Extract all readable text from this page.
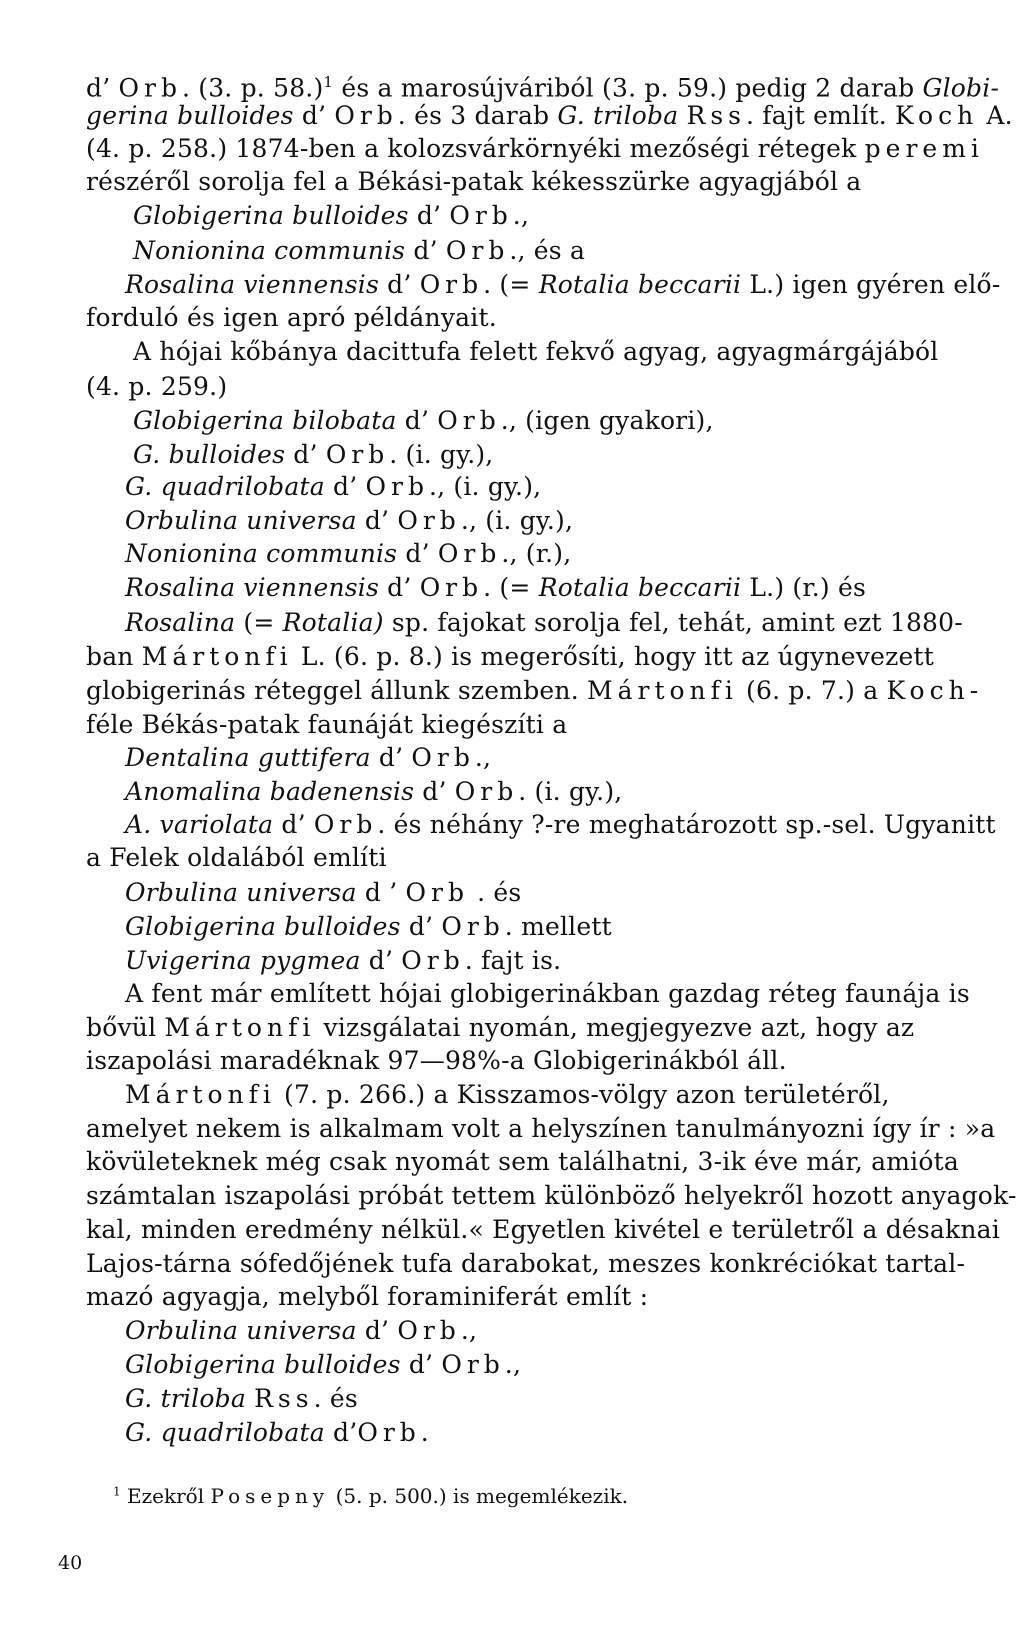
d’ Orb. (3. p. 58.)$^1$ és a marosújváriból (3. p. 59.) pedig 2 darab Globi-
gerina bulloides d’ Orb. és 3 darab G. triloba Rss. fajt említ. Koch A.
(4. p. 258.) 1874-ben a kolozsvárkörnyéki mezőségi rétegek peremi
részéről sorolja fel a Békási-patak kékesszürke agyagjából a
Globigerina bulloides d’ Orb.,
Nonionina communis d’ Orb., és a
Rosalina viennensis d’ Orb. (= Rotalia beccarii L.) igen gyéren elő-
forduló és igen apró példányait.
A hójai kőbánya dacittufa felett fekvő agyag, agyagmárgájából
(4. p. 259.)
Globigerina bilobata d’ Orb., (igen gyakori),
G. bulloides d’ Orb. (i. gy.),
G. quadrilobata d’ Orb., (i. gy.),
Orbulina universa d’ Orb., (i. gy.),
Nonionina communis d’ Orb., (r.),
Rosalina viennensis d’ Orb. (= Rotalia beccarii L.) (r.) és
Rosalina (= Rotalia) sp. fajokat sorolja fel, tehát, amint ezt 1880-
ban Mártonfi L. (6. p. 8.) is megerősíti, hogy itt az úgynevezett
globigerinás réteggel állunk szemben. Mártonfi (6. p. 7.) a Koch-
féle Békás-patak faunáját kiegészíti a
Dentalina guttifera d’ Orb.,
Anomalina badenensis d’ Orb. (i. gy.),
A. variolata d’ Orb. és néhány ?-re meghatározott sp.-sel. Ugyanitt
a Felek oldalából említi
Orbulina universa d ’ Orb . és
Globigerina bulloides d’ Orb. mellett
Uvigerina pygmea d’ Orb. fajt is.
A fent már említett hójai globigerinákban gazdag réteg faunája is
bővül Mártonfi vizsgálatai nyomán, megjegyezve azt, hogy az
iszapolási maradéknak 97—98%-a Globigerinákból áll.
Mártonfi (7. p. 266.) a Kisszamos-völgy azon területéről,
amelyet nekem is alkalmam volt a helyszínen tanulmányozni így ír : »a
kövületeknek még csak nyomát sem találhatni, 3-ik éve már, amióta
számtalan iszapolási próbát tettem különböző helyekről hozott anyagok-
kal, minden eredmény nélkül.« Egyetlen kivétel e területről a désaknai
Lajos-tárna sófedőjének tufa darabokat, meszes konkréciókat tartal-
mazó agyagja, melyből foraminiferát említ :
Orbulina universa d’ Orb.,
Globigerina bulloides d’ Orb.,
G. triloba Rss. és
G. quadrilobata d’Orb.
$^1$ Ezekről Posepny (5. p. 500.) is megemlékezik.
40
